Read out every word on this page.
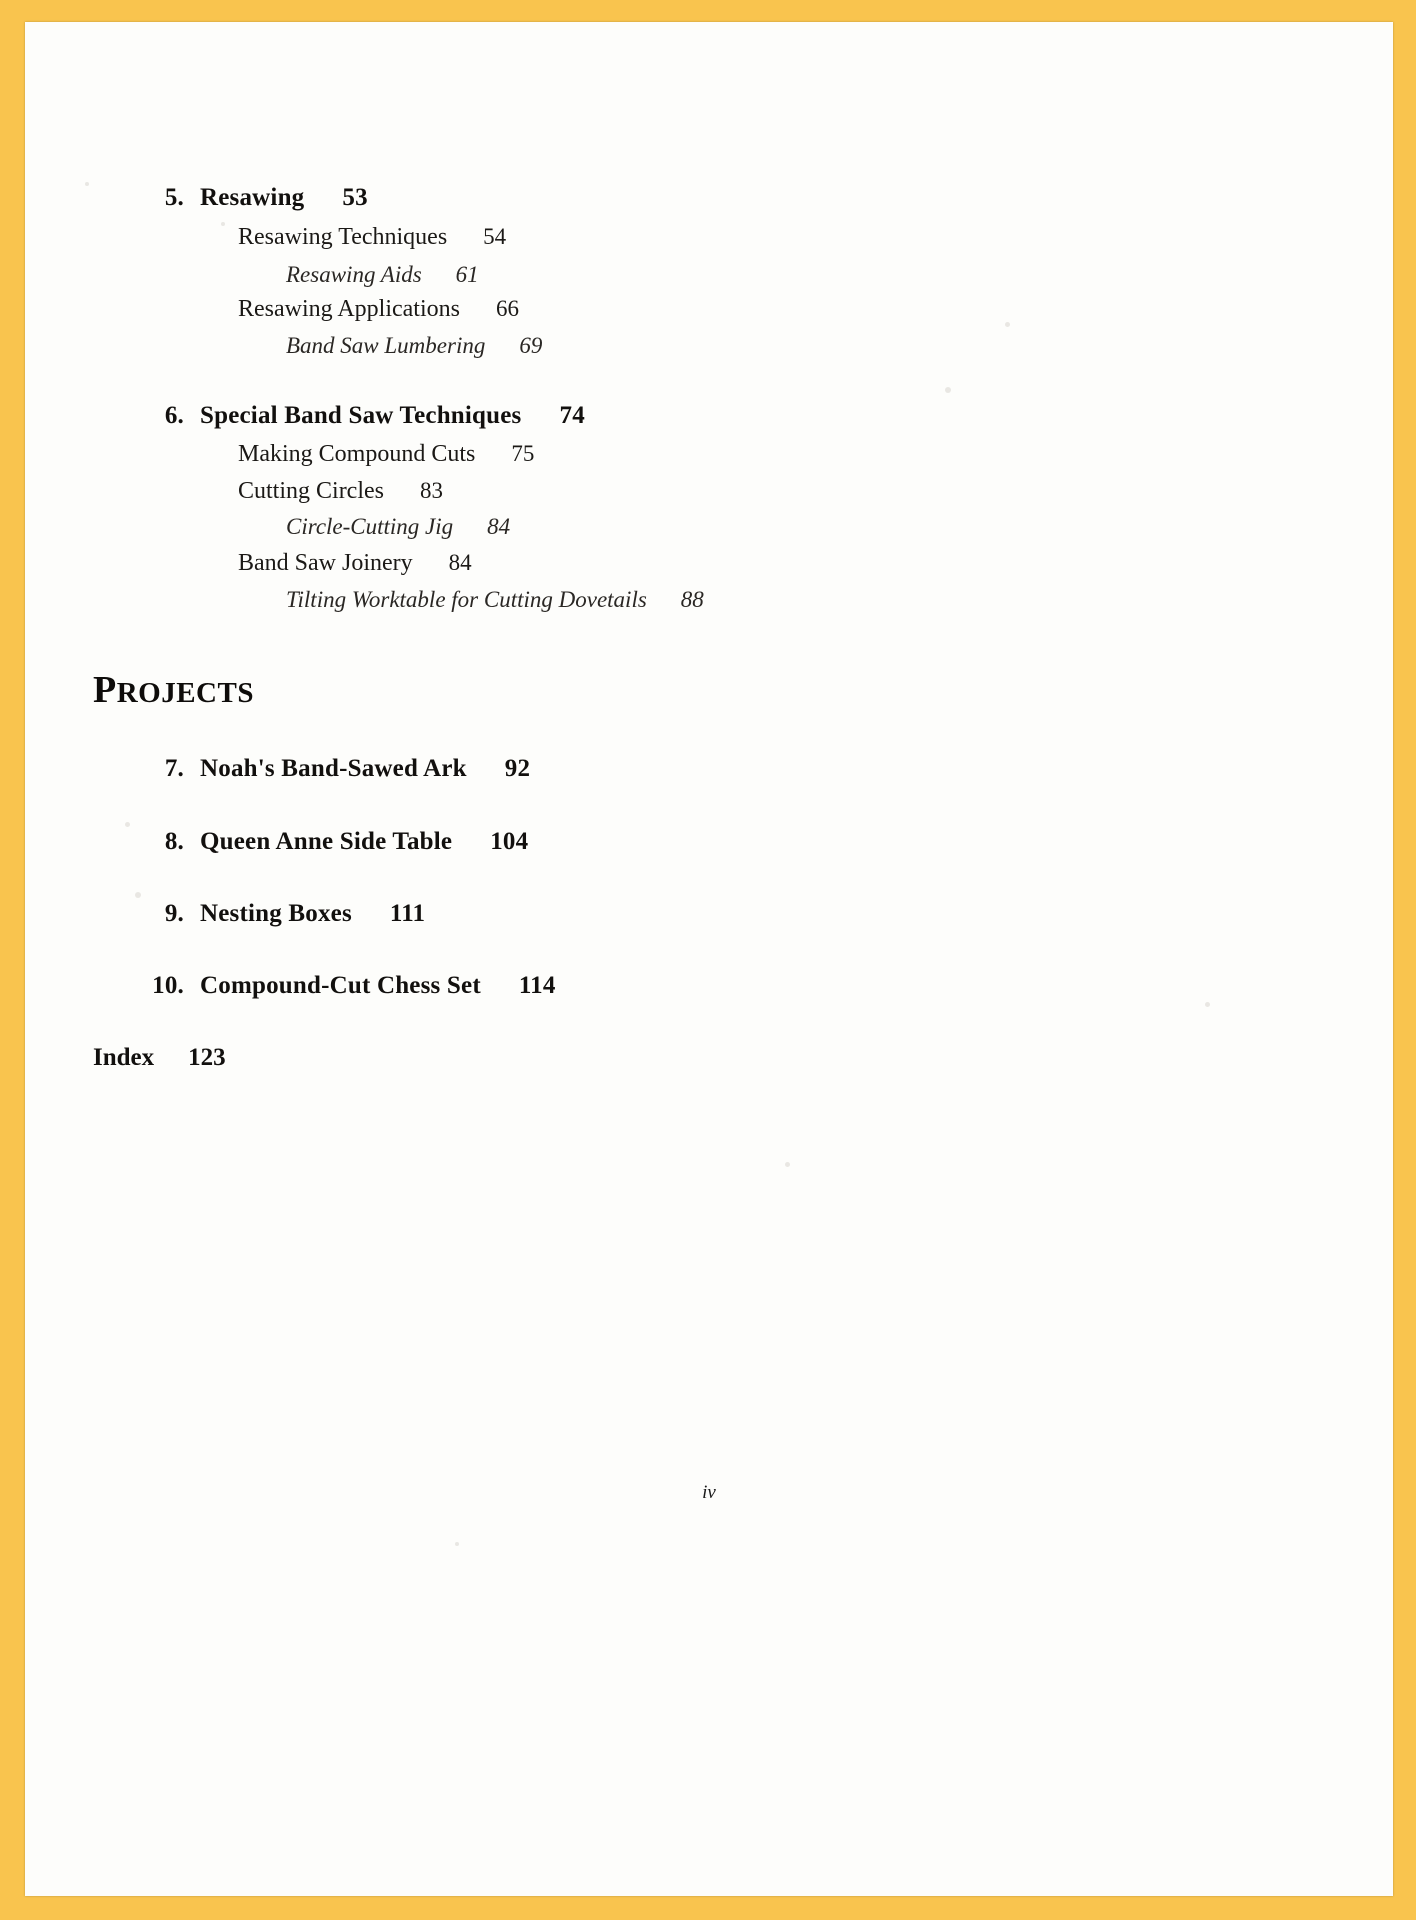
5. Resawing 53
Resawing Techniques 54
Resawing Aids 61
Resawing Applications 66
Band Saw Lumbering 69
6. Special Band Saw Techniques 74
Making Compound Cuts 75
Cutting Circles 83
Circle-Cutting Jig 84
Band Saw Joinery 84
Tilting Worktable for Cutting Dovetails 88
PROJECTS
7. Noah's Band-Sawed Ark 92
8. Queen Anne Side Table 104
9. Nesting Boxes 111
10. Compound-Cut Chess Set 114
Index 123
iv
